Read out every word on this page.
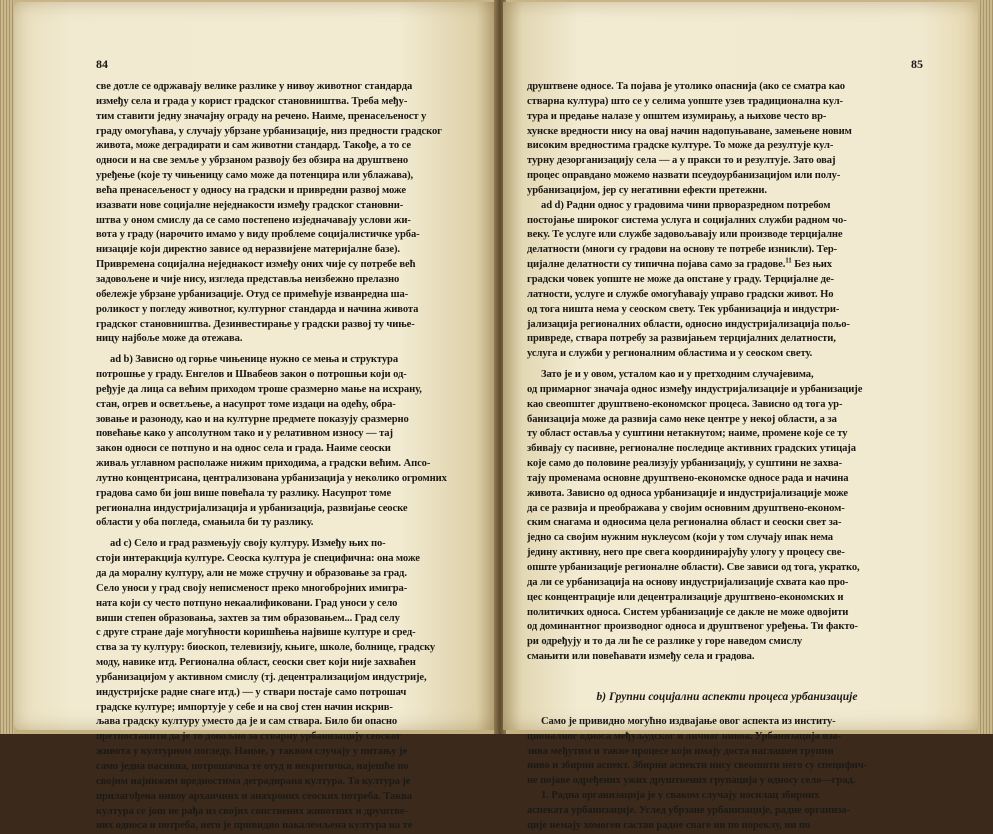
84
све дотле се одржавају велике разлике у нивоу животног стандарда
између села и града у корист градског становништва. Треба међу-
тим ставити једну значајну ограду на речено. Наиме, пренасељеност у
граду омогућава, у случају убрзане урбанизације, низ предности градског
живота, може деградирати и сам животни стандард. Такође, а то се
односи и на све земље у убрзаном развоју без обзира на друштвено
уређење (које ту чињеницу само може да потенцира или ублажава),
већа пренасељеност у односу на градски и привредни развој може
изазвати нове социјалне неједнакости између градског становни-
штва у оном смислу да се само постепено изједначавају услови жи-
вота у граду (нарочито имамо у виду проблеме социјалистичке урба-
низације који директно зависе од неразвијене материјалне базе).
Привремена социјална неједнакост између оних чије су потребе већ
задовољене и чије нису, изгледа представља неизбежно прелазно
обележје убрзане урбанизације. Отуд се примећује изванредна ша-
роликост у погледу животног, културног стандарда и начина живота
градског становништва. Дезинвестирање у градски развој ту чиње-
ницу најбоље може да отежава.
ad b) Зависно од горње чињенице нужно се мења и структура
потрошње у граду. Енгелов и Швабеов закон о потрошњи који од-
ређује да лица са већим приходом троше сразмерно мање на исхрану,
стан, огрев и осветљење, а насупрот томе издаци на одећу, обра-
зовање и разоноду, као и на културне предмете показују сразмерно
повећање како у апсолутном тако и у релативном износу — тај
закон односи се потпуно и на однос села и града. Наиме сеоски
живаљ углавном располаже нижим приходима, а градски већим. Апсо-
лутно концентрисана, централизована урбанизација у неколико огромних
градова само би још више повећала ту разлику. Насупрот томе
регионална индустријализација и урбанизација, развијање сеоске
области у оба погледа, смањила би ту разлику.
ad c) Село и град размењују своју културу. Између њих по-
стоји интеракција културе. Сеоска култура је специфична: она може
да да моралну културу, али не може стручну и образовање за град.
Село уноси у град своју неписменост преко многобројних имигра-
ната који су често потпуно некаалификовани. Град уноси у село
виши степен образовања, захтев за тим образовањем... Град селу
с друге стране даје могућности коришћења највише културе и сред-
ства за ту културу: биоскоп, телевизију, књиге, школе, болнице, градску
моду, навике итд. Регионална област, сеоски свет који није захваћен
урбанизацијом у активном смислу (тј. децентрализацијом индустрије,
индустријске радне снаге итд.) — у ствари постаје само потрошач
градске културе; импортује у себе и на свој стен начин искрив-
љава градску културу уместо да је и сам ствара. Било би опасно
претпоставити да је то довољно за стварну урбанизацију сеоског
живота у културном погледу. Наиме, у таквом случају у питању је
само једна пасивна, потрошачка те отуд и некритичка, најешће по
својим најнижим вредностима деградирана култура. Та култура је
прилагођена нивоу архаичних и анахроних сеоских потреба. Таква
култура се још не рађа из својих сопствених животних и друштве-
них односа и потреба, него је привидно накалемљена култура на те
85
друштвене односе. Та појава је утолико опаснија (ако се сматра као
стварна култура) што се у селима уопште узев традиционална кул-
тура и предање налазе у општем изумирању, а њихове често вр-
хунске вредности нису на овај начин надопуњаване, замењене новим
високим вредностима градске културе. То може да резултује кул-
турну дезорганизацију села — а у пракси то и резултује. Зато овај
процес оправдано можемо назвати псеудоурбанизацијом или полу-
урбанизацијом, јер су негативни ефекти претежни.
ad d) Радни однос у градовима чини прворазредном потребом
постојање широког система услуга и социјалних служби радном чо-
веку. Те услуге или службе задовољавају или производе терцијалне
делатности (многи су градови на основу те потребе изникли). Тер-
цијалне делатности су типична појава само за градове.$^{11}$ Без њих
градски човек уопште не може да опстане у граду. Терцијалне де-
латности, услуге и службе омогућавају управо градски живот. Но
од тога ништа нема у сеоском свету. Тек урбанизација и индустри-
јализација регионалних области, односно индустријализација пољо-
привреде, ствара потребу за развијањем терцијалних делатности,
услуга и служби у регионалним областима и у сеоском свету.
Зато је и у овом, усталом као и у претходним случајевима,
од примарног значаја однос између индустријализације и урбанизације
као свеопштег друштвено-економског процеса. Зависно од тога ур-
банизација може да развија само неке центре у некој области, а за
ту област оставља у суштини нетакнутом; наиме, промене које се ту
збивају су пасивне, регионалне последице активних градских утицаја
које само до половине реализују урбанизацију, у суштини не захва-
тају променама основне друштвено-економске односе рада и начина
живота. Зависно од односа урбанизације и индустријализације може
да се развија и преображава у својим основним друштвено-економ-
ским снагама и односима цела регионална област и сеоски свет за-
једно са својим нужним нуклеусом (који у том случају ипак нема
једину активну, него пре свега координирајућу улогу у процесу све-
опште урбанизације регионалне области). Све зависи од тога, укратко,
да ли се урбанизација на основу индустријализације схвата као про-
цес концентрације или децентрализације друштвено-економских и
политичких односа. Систем урбанизације се дакле не може одвојити
од доминантног производног односа и друштвеног уређења. Ти факто-
ри одређују и то да ли ће се разлике у горе наведом смислу
смањити или повећавати између села и градова.
b) Групни социјални аспекти процеса урбанизације
Само је привидно могућно издвајање овог аспекта из институ-
ционалног односа међуљудског и личног нивоа. Урбанизација иза-
зива међутим и такве процесе који имају доста наглашен групни
ниво и збирни аспект. Збирни аспекти нису свеопшти него су специфич-
не појаве одређених ужих друштвених групација у односу село—град.
1. Радна организација је у сваком случају носилац збирних
аспеката урбанизације. Услед убрзане урбанизације, радне организа-
ције немају хомоген састав радне снаге ни по пореклу, ни по
